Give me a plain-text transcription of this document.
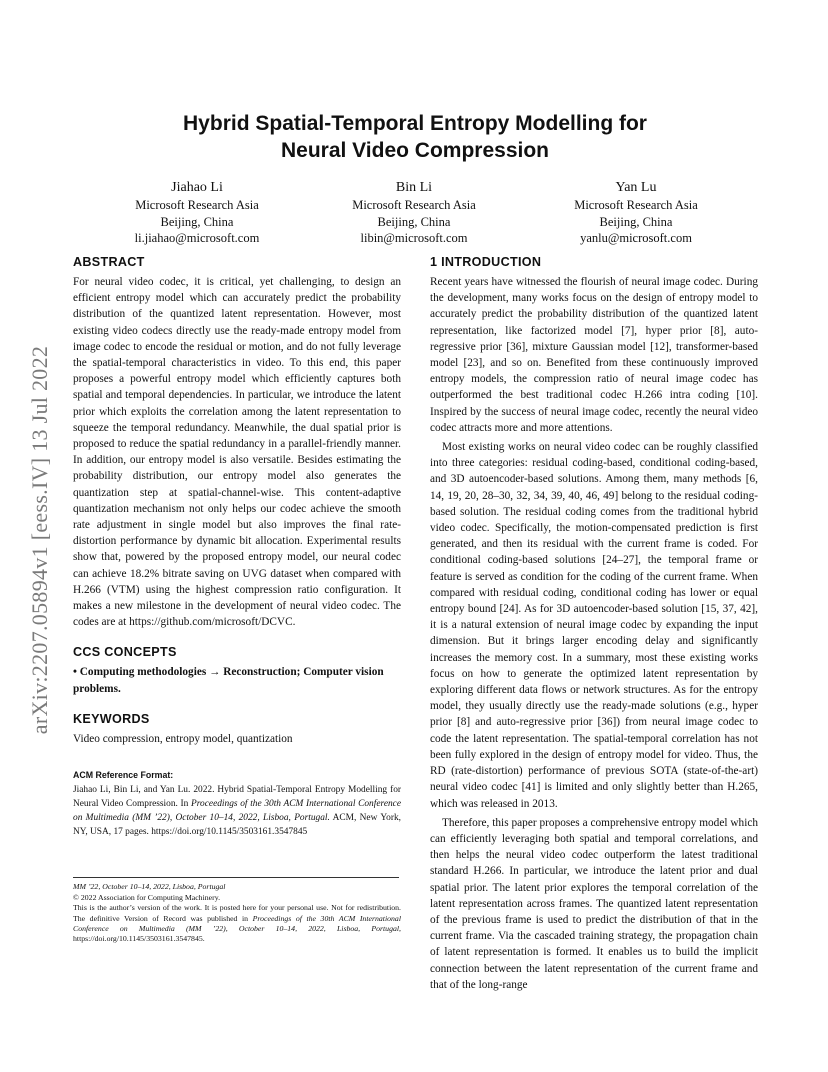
arXiv:2207.05894v1 [eess.IV] 13 Jul 2022
Hybrid Spatial-Temporal Entropy Modelling for
Neural Video Compression
Jiahao Li
Microsoft Research Asia
Beijing, China
li.jiahao@microsoft.com
Bin Li
Microsoft Research Asia
Beijing, China
libin@microsoft.com
Yan Lu
Microsoft Research Asia
Beijing, China
yanlu@microsoft.com
ABSTRACT

For neural video codec, it is critical, yet challenging, to design an efficient entropy model which can accurately predict the probability distribution of the quantized latent representation. However, most existing video codecs directly use the ready-made entropy model from image codec to encode the residual or motion, and do not fully leverage the spatial-temporal characteristics in video. To this end, this paper proposes a powerful entropy model which efficiently captures both spatial and temporal dependencies. In particular, we introduce the latent prior which exploits the correlation among the latent representation to squeeze the temporal redundancy. Meanwhile, the dual spatial prior is proposed to reduce the spatial redundancy in a parallel-friendly manner. In addition, our entropy model is also versatile. Besides estimating the probability distribution, our entropy model also generates the quantization step at spatial-channel-wise. This content-adaptive quantization mechanism not only helps our codec achieve the smooth rate adjustment in single model but also improves the final rate-distortion performance by dynamic bit allocation. Experimental results show that, powered by the proposed entropy model, our neural codec can achieve 18.2% bitrate saving on UVG dataset when compared with H.266 (VTM) using the highest compression ratio configuration. It makes a new milestone in the development of neural video codec. The codes are at https://github.com/microsoft/DCVC.

CCS CONCEPTS

• Computing methodologies → Reconstruction; Computer vision problems.

KEYWORDS

Video compression, entropy model, quantization

ACM Reference Format:

Jiahao Li, Bin Li, and Yan Lu. 2022. Hybrid Spatial-Temporal Entropy Modelling for Neural Video Compression. In Proceedings of the 30th ACM International Conference on Multimedia (MM ’22), October 10–14, 2022, Lisboa, Portugal. ACM, New York, NY, USA, 17 pages. https://doi.org/10.1145/3503161.3547845

MM ’22, October 10–14, 2022, Lisboa, Portugal
© 2022 Association for Computing Machinery.

This is the author’s version of the work. It is posted here for your personal use. Not for redistribution. The definitive Version of Record was published in Proceedings of the 30th ACM International Conference on Multimedia (MM ’22), October 10–14, 2022, Lisboa, Portugal, https://doi.org/10.1145/3503161.3547845.

1 INTRODUCTION

Recent years have witnessed the flourish of neural image codec. During the development, many works focus on the design of entropy model to accurately predict the probability distribution of the quantized latent representation, like factorized model [7], hyper prior [8], auto-regressive prior [36], mixture Gaussian model [12], transformer-based model [23], and so on. Benefited from these continuously improved entropy models, the compression ratio of neural image codec has outperformed the best traditional codec H.266 intra coding [10]. Inspired by the success of neural image codec, recently the neural video codec attracts more and more attentions.

Most existing works on neural video codec can be roughly classified into three categories: residual coding-based, conditional coding-based, and 3D autoencoder-based solutions. Among them, many methods [6, 14, 19, 20, 28–30, 32, 34, 39, 40, 46, 49] belong to the residual coding-based solution. The residual coding comes from the traditional hybrid video codec. Specifically, the motion-compensated prediction is first generated, and then its residual with the current frame is coded. For conditional coding-based solutions [24–27], the temporal frame or feature is served as condition for the coding of the current frame. When compared with residual coding, conditional coding has lower or equal entropy bound [24]. As for 3D autoencoder-based solution [15, 37, 42], it is a natural extension of neural image codec by expanding the input dimension. But it brings larger encoding delay and significantly increases the memory cost. In a summary, most these existing works focus on how to generate the optimized latent representation by exploring different data flows or network structures. As for the entropy model, they usually directly use the ready-made solutions (e.g., hyper prior [8] and auto-regressive prior [36]) from neural image codec to code the latent representation. The spatial-temporal correlation has not been fully explored in the design of entropy model for video. Thus, the RD (rate-distortion) performance of previous SOTA (state-of-the-art) neural video codec [41] is limited and only slightly better than H.265, which was released in 2013.

Therefore, this paper proposes a comprehensive entropy model which can efficiently leveraging both spatial and temporal correlations, and then helps the neural video codec outperform the latest traditional standard H.266. In particular, we introduce the latent prior and dual spatial prior. The latent prior explores the temporal correlation of the latent representation across frames. The quantized latent representation of the previous frame is used to predict the distribution of that in the current frame. Via the cascaded training strategy, the propagation chain of latent representation is formed. It enables us to build the implicit connection between the latent representation of the current frame and that of the long-range
